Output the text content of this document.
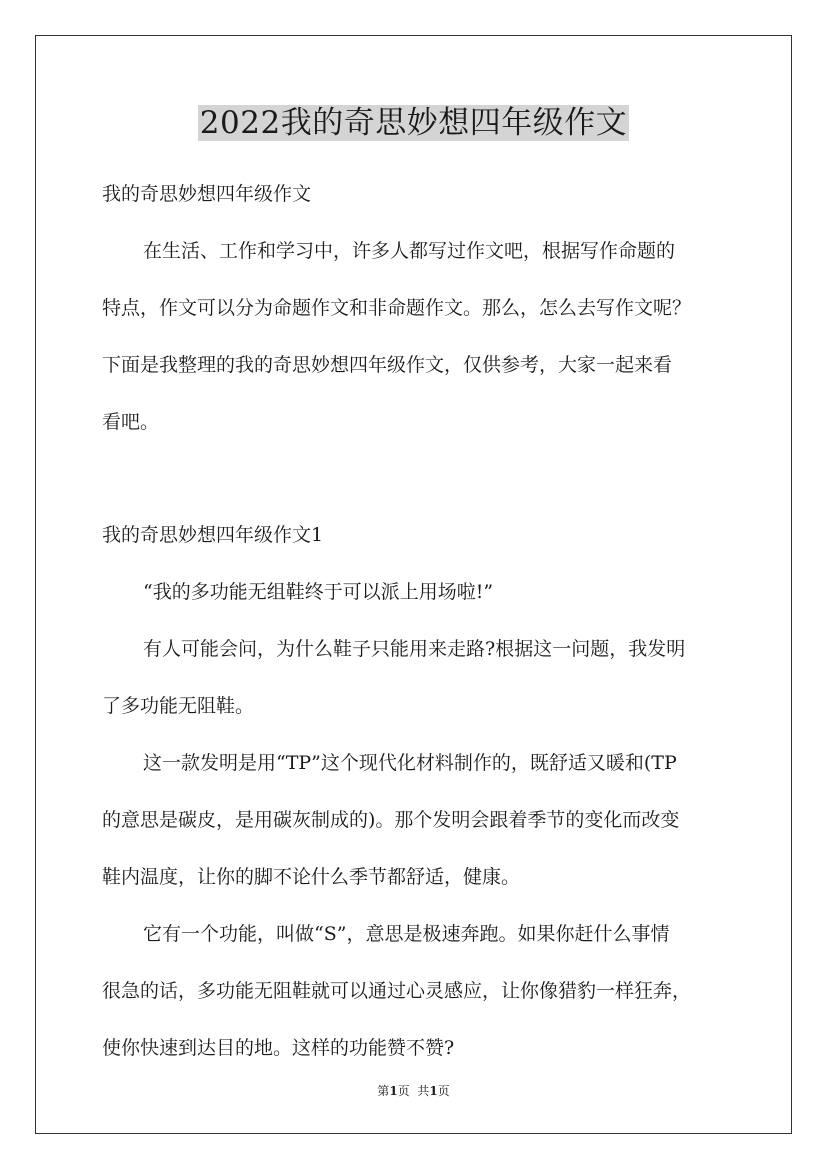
2022我的奇思妙想四年级作文

我的奇思妙想四年级作文

在生活、工作和学习中，许多人都写过作文吧，根据写作命题的

特点，作文可以分为命题作文和非命题作文。那么，怎么去写作文呢？

下面是我整理的我的奇思妙想四年级作文，仅供参考，大家一起来看

看吧。

我的奇思妙想四年级作文1

“我的多功能无组鞋终于可以派上用场啦!”

有人可能会问，为什么鞋子只能用来走路?根据这一问题，我发明

了多功能无阻鞋。

这一款发明是用“TP”这个现代化材料制作的，既舒适又暖和(TP

的意思是碳皮，是用碳灰制成的)。那个发明会跟着季节的变化而改变

鞋内温度，让你的脚不论什么季节都舒适，健康。

它有一个功能，叫做“S”，意思是极速奔跑。如果你赶什么事情

很急的话，多功能无阻鞋就可以通过心灵感应，让你像猎豹一样狂奔，

使你快速到达目的地。这样的功能赞不赞?

第1页  共1页
